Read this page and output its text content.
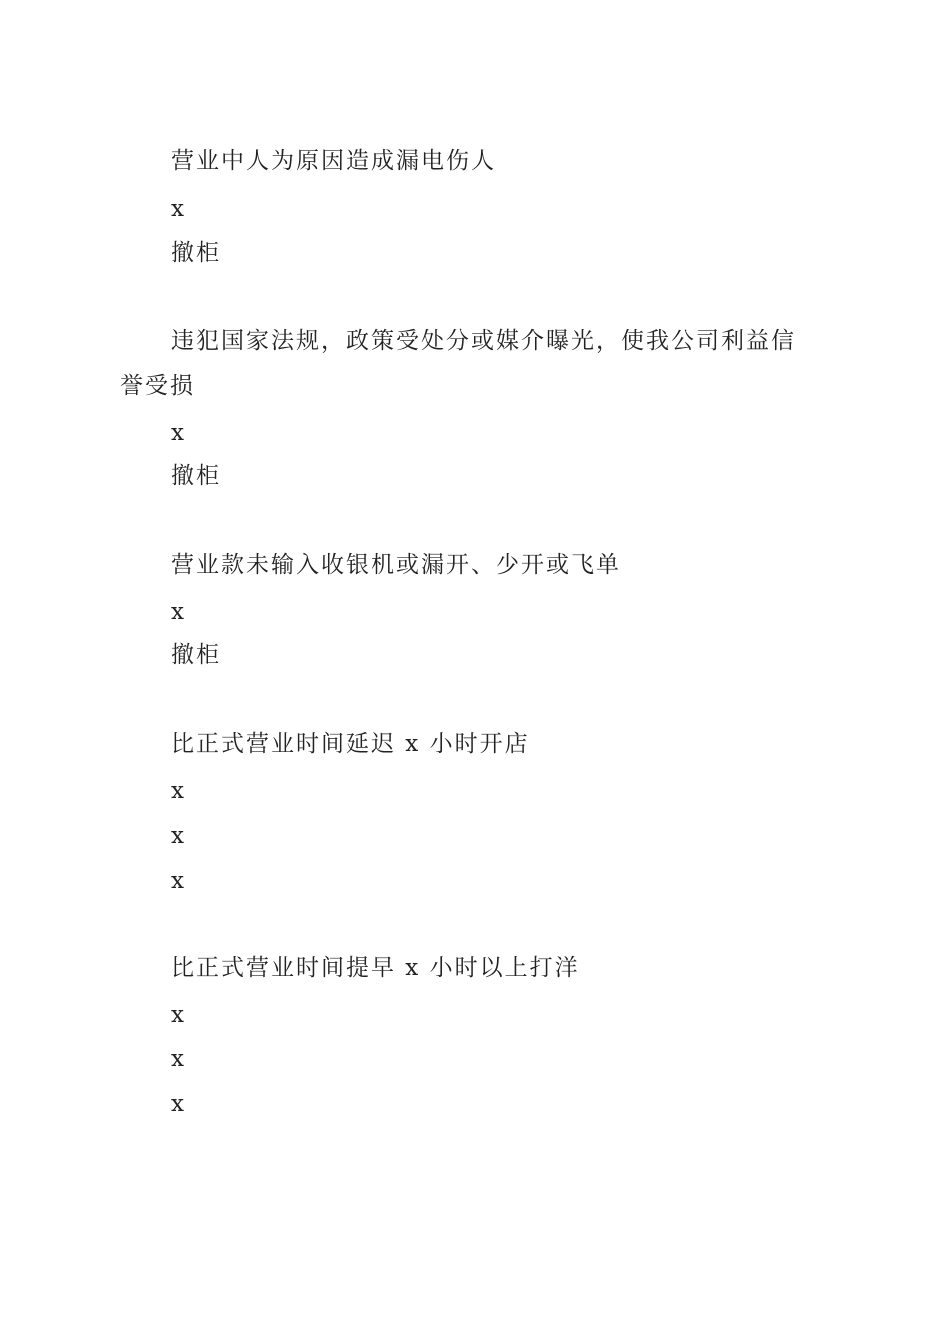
营业中人为原因造成漏电伤人
x
撤柜
违犯国家法规，政策受处分或媒介曝光，使我公司利益信
誉受损
x
撤柜
营业款未输入收银机或漏开、少开或飞单
x
撤柜
比正式营业时间延迟 x 小时开店
x
x
x
比正式营业时间提早 x 小时以上打洋
x
x
x
